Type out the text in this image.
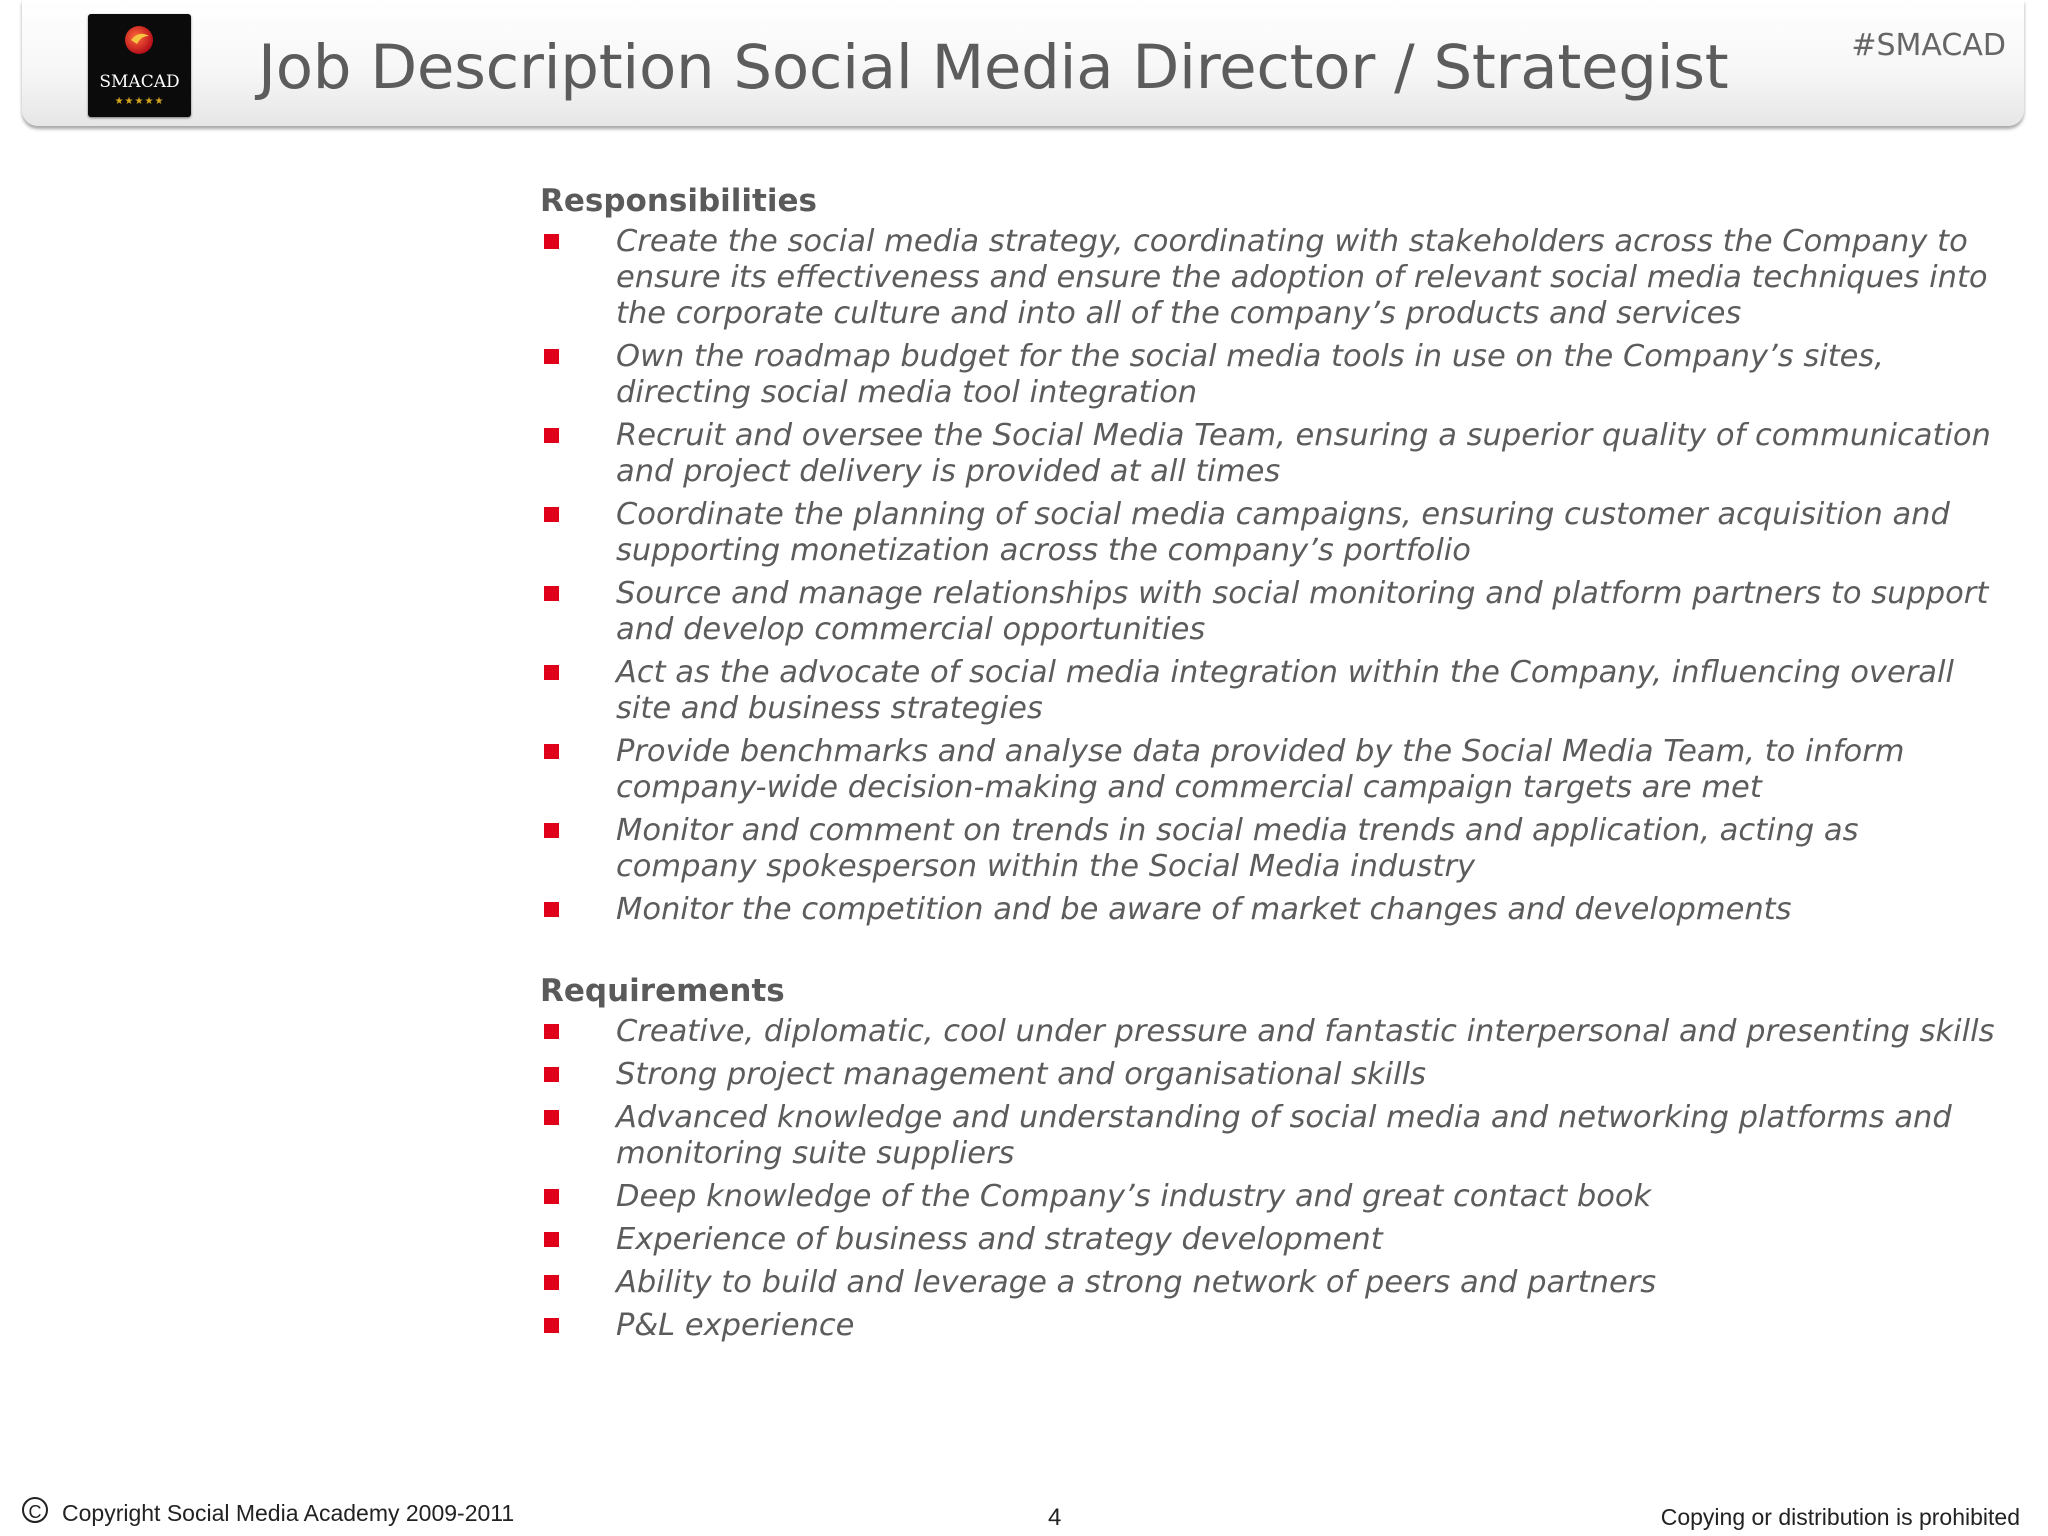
SMACAD
★★★★★	Job Description Social Media Director / Strategist	#SMACAD
Responsibilities
Create the social media strategy, coordinating with stakeholders across the Company to ensure its effectiveness and ensure the adoption of relevant social media techniques into the corporate culture and into all of the company’s products and services
Own the roadmap budget for the social media tools in use on the Company’s sites, directing social media tool integration
Recruit and oversee the Social Media Team, ensuring a superior quality of communication and project delivery is provided at all times
Coordinate the planning of social media campaigns, ensuring customer acquisition and supporting monetization across the company’s portfolio
Source and manage relationships with social monitoring and platform partners to support and develop commercial opportunities
Act as the advocate of social media integration within the Company, influencing overall site and business strategies
Provide benchmarks and analyse data provided by the Social Media Team, to inform company-wide decision-making and commercial campaign targets are met
Monitor and comment on trends in social media trends and application, acting as company spokesperson within the Social Media industry
Monitor the competition and be aware of market changes and developments
Requirements
Creative, diplomatic, cool under pressure and fantastic interpersonal and presenting skills
Strong project management and organisational skills
Advanced knowledge and understanding of social media and networking platforms and monitoring suite suppliers
Deep knowledge of the Company’s industry and great contact book
Experience of business and strategy development
Ability to build and leverage a strong network of peers and partners
P&L experience
C Copyright Social Media Academy 2009-2011	4	Copying or distribution is prohibited
